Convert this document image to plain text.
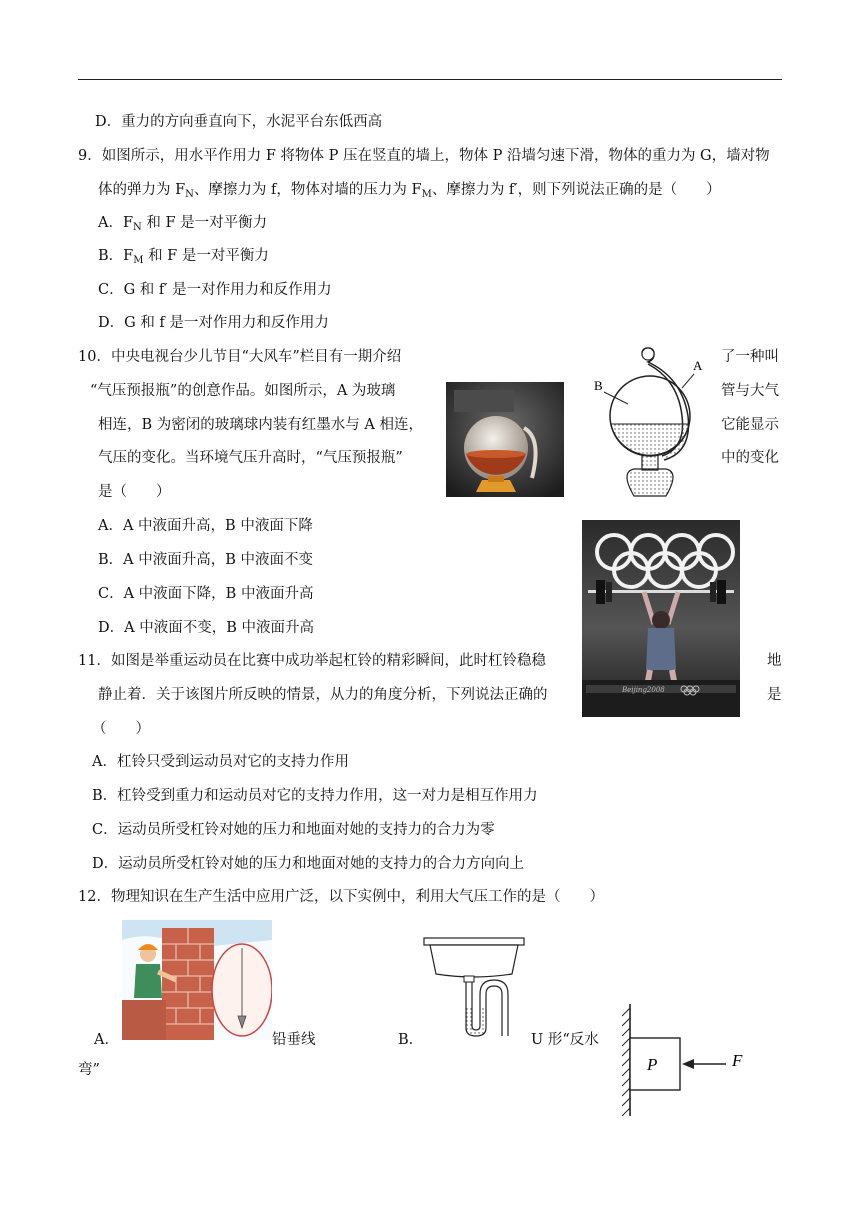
D．重力的方向垂直向下，水泥平台东低西高
9．如图所示，用水平作用力 F 将物体 P 压在竖直的墙上，物体 P 沿墙匀速下滑，物体的重力为 G，墙对物
体的弹力为 $F_N$、摩擦力为 f，物体对墙的压力为 $F_M$、摩擦力为 f′，则下列说法正确的是（　　）
A．$F_N$ 和 F 是一对平衡力
B．$F_M$ 和 F 是一对平衡力
C．G 和 f′ 是一对作用力和反作用力
D．G 和 f 是一对作用力和反作用力
10．中央电视台少儿节目“大风车”栏目有一期介绍	了一种叫
“气压预报瓶”的创意作品。如图所示，A 为玻璃	管与大气
相连，B 为密闭的玻璃球内装有红墨水与 A 相连，	它能显示
气压的变化。当环境气压升高时，“气压预报瓶”	中的变化
是（　　）
A
B
A．A 中液面升高，B 中液面下降
B．A 中液面升高，B 中液面不变
C．A 中液面下降，B 中液面升高
D．A 中液面不变，B 中液面升高
Beijing2008
11．如图是举重运动员在比赛中成功举起杠铃的精彩瞬间，此时杠铃稳稳	地
静止着．关于该图片所反映的情景，从力的角度分析，下列说法正确的	是
（　　）
A．杠铃只受到运动员对它的支持力作用
B．杠铃受到重力和运动员对它的支持力作用，这一对力是相互作用力
C．运动员所受杠铃对她的压力和地面对她的支持力的合力为零
D．运动员所受杠铃对她的压力和地面对她的支持力的合力方向向上
12．物理知识在生产生活中应用广泛，以下实例中，利用大气压工作的是（　　）
A．	铅垂线	B．	U 形“反水
弯”	P	F
